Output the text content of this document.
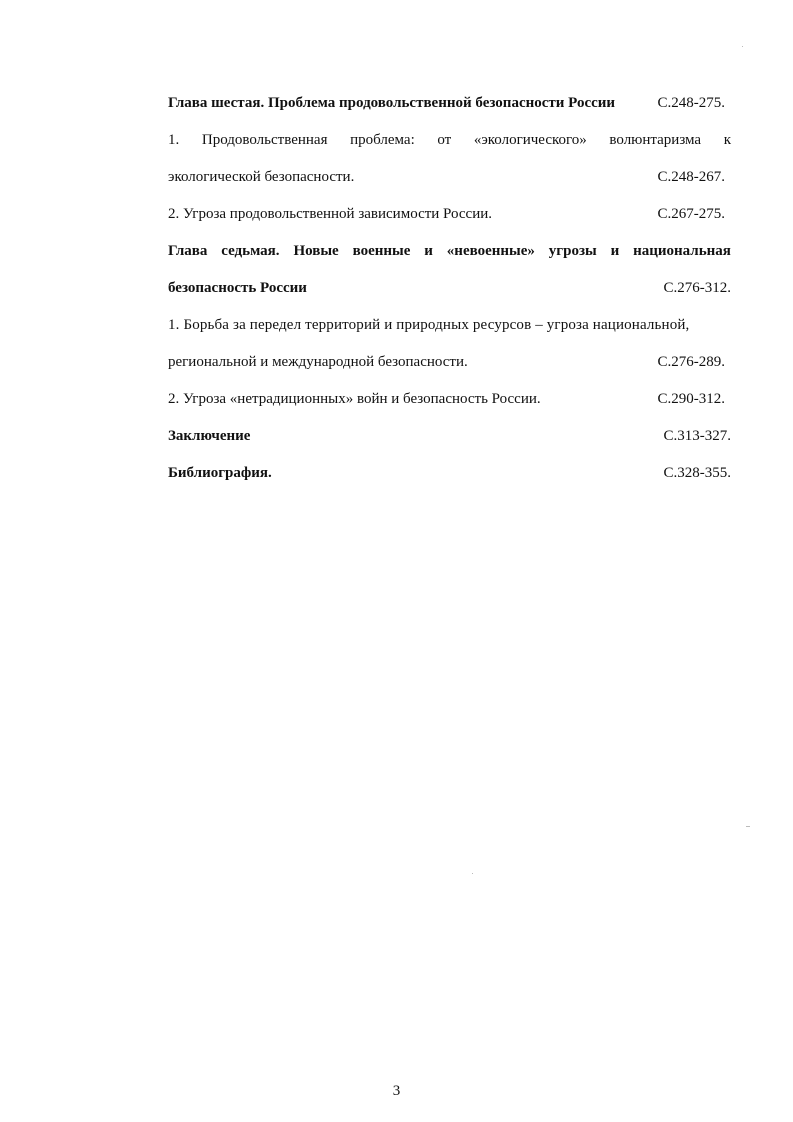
Глава шестая. Проблема продовольственной безопасности России	С.248-275.
1. Продовольственная проблема: от «экологического» волюнтаризма к
экологической безопасности.	С.248-267.
2. Угроза продовольственной зависимости России.	С.267-275.
Глава седьмая. Новые военные и «невоенные» угрозы и национальная
безопасность России	С.276-312.
1. Борьба за передел территорий и природных ресурсов – угроза национальной,
региональной и международной безопасности.	С.276-289.
2. Угроза «нетрадиционных» войн и безопасность России.	С.290-312.
Заключение	С.313-327.
Библиография.	С.328-355.
3
